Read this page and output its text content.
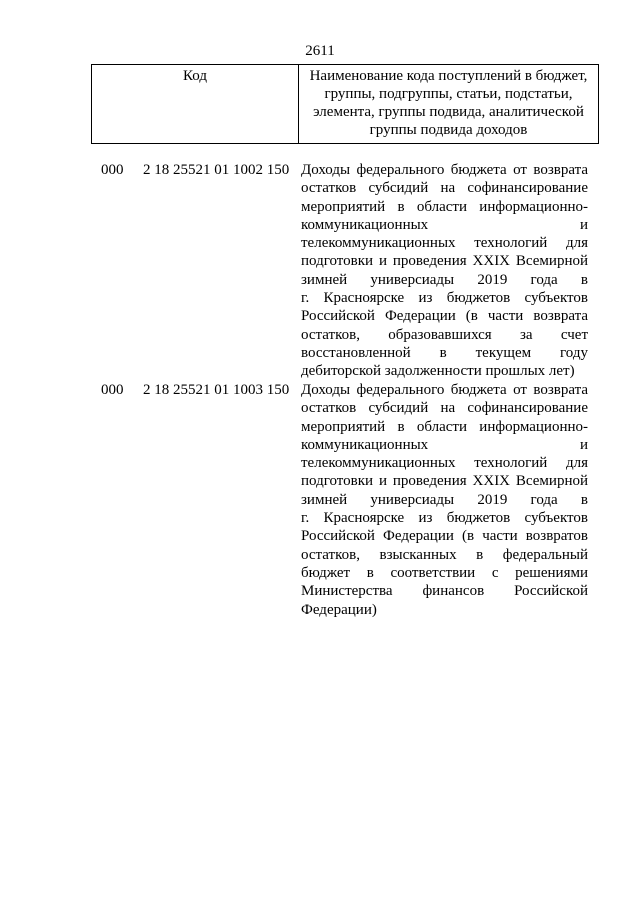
2611
Код	Наименование кода поступлений в бюджет, группы, подгруппы, статьи, подстатьи, элемента, группы подвида, аналитической группы подвида доходов
000 2 18 25521 01 1002 150 Доходы федерального бюджета от возврата
остатков субсидий на софинансирование
мероприятий в области информационно-
коммуникационных и
телекоммуникационных технологий для
подготовки и проведения XXIX Всемирной
зимней универсиады 2019 года в
г. Красноярске из бюджетов субъектов
Российской Федерации (в части возврата
остатков, образовавшихся за счет
восстановленной в текущем году
дебиторской задолженности прошлых лет)
000 2 18 25521 01 1003 150 Доходы федерального бюджета от возврата
остатков субсидий на софинансирование
мероприятий в области информационно-
коммуникационных и
телекоммуникационных технологий для
подготовки и проведения XXIX Всемирной
зимней универсиады 2019 года в
г. Красноярске из бюджетов субъектов
Российской Федерации (в части возвратов
остатков, взысканных в федеральный
бюджет в соответствии с решениями
Министерства финансов Российской
Федерации)
